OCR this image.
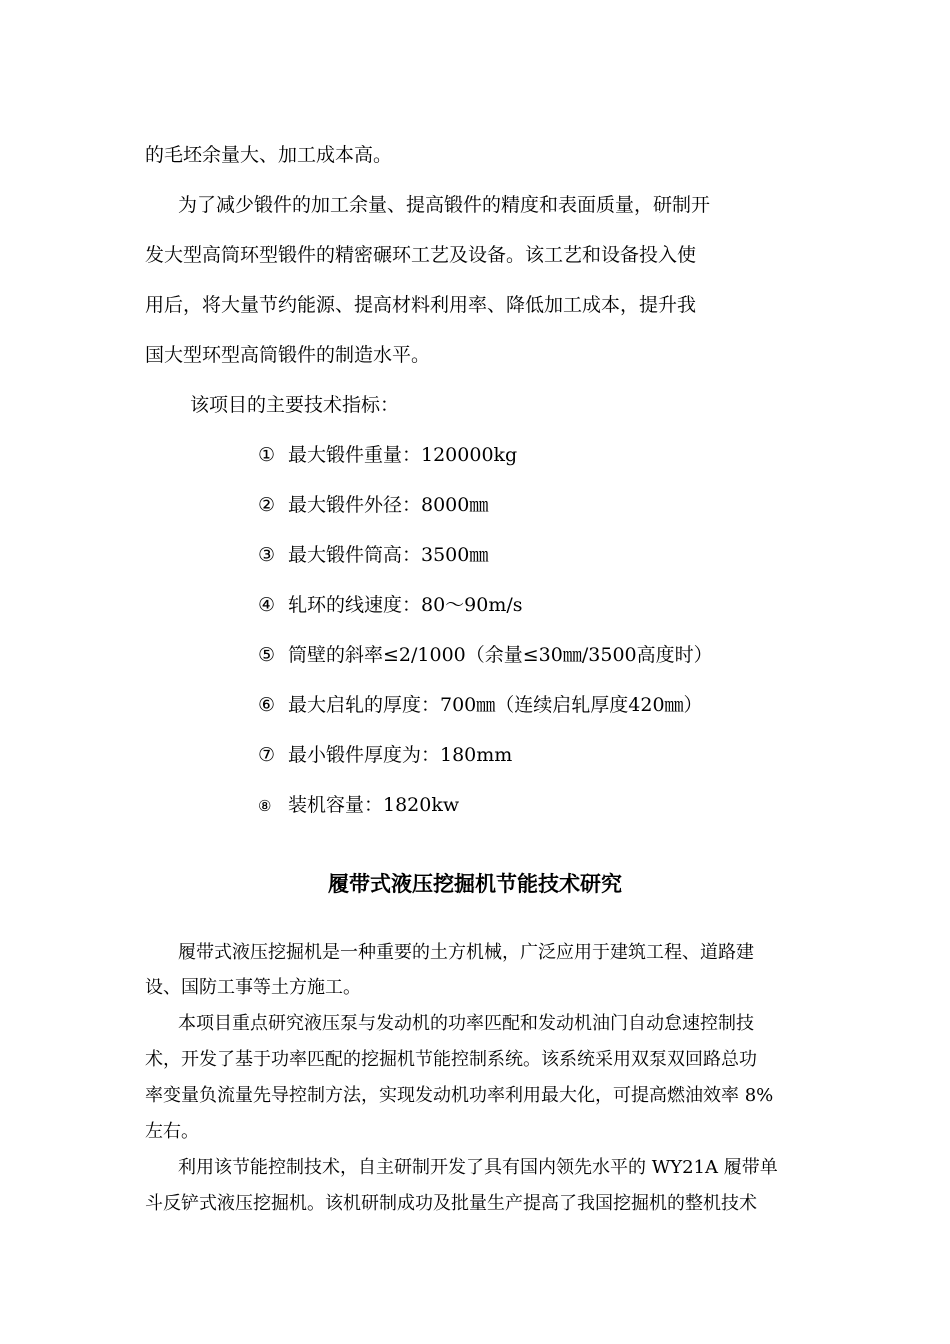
的毛坯余量大、加工成本高。
为了减少锻件的加工余量、提高锻件的精度和表面质量，研制开
发大型高筒环型锻件的精密碾环工艺及设备。该工艺和设备投入使
用后，将大量节约能源、提高材料利用率、降低加工成本，提升我
国大型环型高筒锻件的制造水平。
该项目的主要技术指标：
① 最大锻件重量：120000kg
② 最大锻件外径：8000㎜
③ 最大锻件筒高：3500㎜
④ 轧环的线速度：80～90m/s
⑤ 筒壁的斜率≤2/1000（余量≤30㎜/3500高度时）
⑥ 最大启轧的厚度：700㎜（连续启轧厚度420㎜）
⑦ 最小锻件厚度为：180mm
⑧ 装机容量：1820kw
履带式液压挖掘机节能技术研究
履带式液压挖掘机是一种重要的土方机械，广泛应用于建筑工程、道路建
设、国防工事等土方施工。
本项目重点研究液压泵与发动机的功率匹配和发动机油门自动怠速控制技
术，开发了基于功率匹配的挖掘机节能控制系统。该系统采用双泵双回路总功
率变量负流量先导控制方法，实现发动机功率利用最大化，可提高燃油效率 8%
左右。
利用该节能控制技术，自主研制开发了具有国内领先水平的 WY21A 履带单
斗反铲式液压挖掘机。该机研制成功及批量生产提高了我国挖掘机的整机技术
